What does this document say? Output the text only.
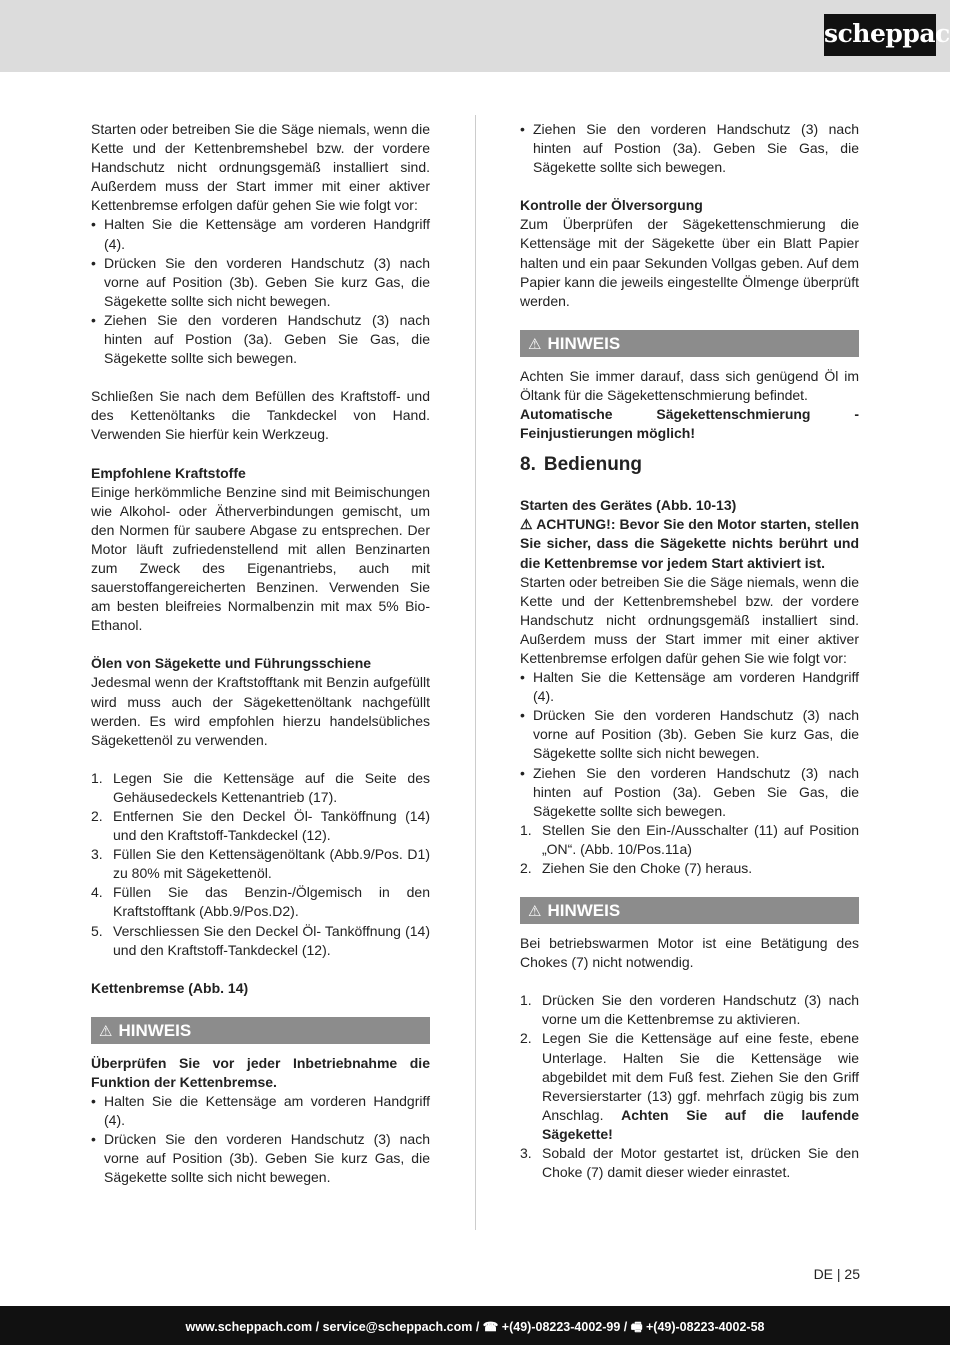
scheppach

Starten oder betreiben Sie die Säge niemals, wenn die Kette und der Kettenbremshebel bzw. der vordere Handschutz nicht ordnungsgemäß installiert sind. Außerdem muss der Start immer mit einer aktiver Kettenbremse erfolgen dafür gehen Sie wie folgt vor:

• Halten Sie die Kettensäge am vorderen Handgriff (4).
• Drücken Sie den vorderen Handschutz (3) nach vorne auf Position (3b). Geben Sie kurz Gas, die Sägekette sollte sich nicht bewegen.
• Ziehen Sie den vorderen Handschutz (3) nach hinten auf Postion (3a). Geben Sie Gas, die Sägekette sollte sich bewegen.

Schließen Sie nach dem Befüllen des Kraftstoff- und des Kettenöltanks die Tankdeckel von Hand. Verwenden Sie hierfür kein Werkzeug.

Empfohlene Kraftstoffe

Einige herkömmliche Benzine sind mit Beimischungen wie Alkohol- oder Ätherverbindungen gemischt, um den Normen für saubere Abgase zu entsprechen. Der Motor läuft zufriedenstellend mit allen Benzinarten zum Zweck des Eigenantriebs, auch mit sauerstoffangereicherten Benzinen. Verwenden Sie am besten bleifreies Normalbenzin mit max 5% Bio-Ethanol.

Ölen von Sägekette und Führungsschiene

Jedesmal wenn der Kraftstofftank mit Benzin aufgefüllt wird muss auch der Sägekettenöltank nachgefüllt werden. Es wird empfohlen hierzu handelsübliches Sägekettenöl zu verwenden.

1. Legen Sie die Kettensäge auf die Seite des Gehäusedeckels Kettenantrieb (17).
2. Entfernen Sie den Deckel Öl- Tanköffnung (14) und den Kraftstoff-Tankdeckel (12).
3. Füllen Sie den Kettensägenöltank (Abb.9/Pos. D1) zu 80% mit Sägekettenöl.
4. Füllen Sie das Benzin-/Ölgemisch in den Kraftstofftank (Abb.9/Pos.D2).
5. Verschliessen Sie den Deckel Öl- Tanköffnung (14) und den Kraftstoff-Tankdeckel (12).

Kettenbremse (Abb. 14)

⚠ HINWEIS

Überprüfen Sie vor jeder Inbetriebnahme die Funktion der Kettenbremse.

• Halten Sie die Kettensäge am vorderen Handgriff (4).
• Drücken Sie den vorderen Handschutz (3) nach vorne auf Position (3b). Geben Sie kurz Gas, die Sägekette sollte sich nicht bewegen.
• Ziehen Sie den vorderen Handschutz (3) nach hinten auf Postion (3a). Geben Sie Gas, die Sägekette sollte sich bewegen.

Kontrolle der Ölversorgung

Zum Überprüfen der Sägekettenschmierung die Kettensäge mit der Sägekette über ein Blatt Papier halten und ein paar Sekunden Vollgas geben. Auf dem Papier kann die jeweils eingestellte Ölmenge überprüft werden.

⚠ HINWEIS

Achten Sie immer darauf, dass sich genügend Öl im Öltank für die Sägekettenschmierung befindet.

Automatische Sägekettenschmierung - Feinjustierungen möglich!

8. Bedienung

Starten des Gerätes (Abb. 10-13)

⚠ ACHTUNG!: Bevor Sie den Motor starten, stellen Sie sicher, dass die Sägekette nichts berührt und die Kettenbremse vor jedem Start aktiviert ist.

Starten oder betreiben Sie die Säge niemals, wenn die Kette und der Kettenbremshebel bzw. der vordere Handschutz nicht ordnungsgemäß installiert sind. Außerdem muss der Start immer mit einer aktiver Kettenbremse erfolgen dafür gehen Sie wie folgt vor:

• Halten Sie die Kettensäge am vorderen Handgriff (4).
• Drücken Sie den vorderen Handschutz (3) nach vorne auf Position (3b). Geben Sie kurz Gas, die Sägekette sollte sich nicht bewegen.
• Ziehen Sie den vorderen Handschutz (3) nach hinten auf Postion (3a). Geben Sie Gas, die Sägekette sollte sich bewegen.
1. Stellen Sie den Ein-/Ausschalter (11) auf Position „ON“. (Abb. 10/Pos.11a)
2. Ziehen Sie den Choke (7) heraus.
⚠ HINWEIS

Bei betriebswarmen Motor ist eine Betätigung des Chokes (7) nicht notwendig.

1. Drücken Sie den vorderen Handschutz (3) nach vorne um die Kettenbremse zu aktivieren.
2. Legen Sie die Kettensäge auf eine feste, ebene Unterlage. Halten Sie die Kettensäge wie abgebildet mit dem Fuß fest. Ziehen Sie den Griff Reversierstarter (13) ggf. mehrfach zügig bis zum Anschlag. Achten Sie auf die laufende Sägekette!
3. Sobald der Motor gestartet ist, drücken Sie den Choke (7) damit dieser wieder einrastet.
DE | 25
www.scheppach.com / service@scheppach.com / ☎ +(49)-08223-4002-99 / 🖷 +(49)-08223-4002-58
